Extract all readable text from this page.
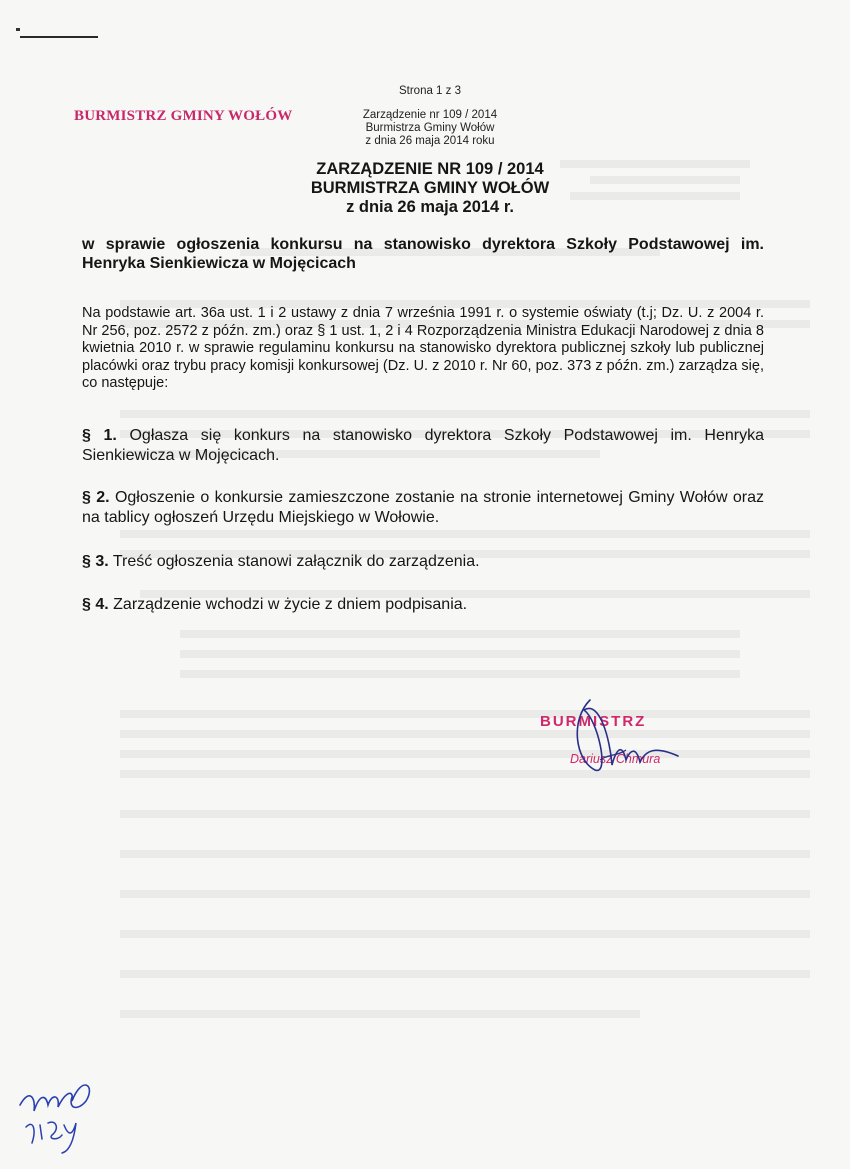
BURMISTRZ GMINY WOŁÓW
Strona 1 z 3
Zarządzenie nr 109 / 2014
Burmistrza Gminy Wołów
z dnia 26 maja 2014 roku
ZARZĄDZENIE NR 109 / 2014
BURMISTRZA GMINY WOŁÓW
z dnia 26 maja 2014 r.
w sprawie ogłoszenia konkursu na stanowisko dyrektora Szkoły Podstawowej im. Henryka Sienkiewicza w Mojęcicach
Na podstawie art. 36a ust. 1 i 2 ustawy z dnia 7 września 1991 r. o systemie oświaty (t.j; Dz. U. z 2004 r. Nr 256, poz. 2572 z późn. zm.) oraz § 1 ust. 1, 2 i 4 Rozporządzenia Ministra Edukacji Narodowej z dnia 8 kwietnia 2010 r. w sprawie regulaminu konkursu na stanowisko dyrektora publicznej szkoły lub publicznej placówki oraz trybu pracy komisji konkursowej (Dz. U. z 2010 r. Nr 60, poz. 373 z późn. zm.) zarządza się, co następuje:
§ 1. Ogłasza się konkurs na stanowisko dyrektora Szkoły Podstawowej im. Henryka Sienkiewicza w Mojęcicach.
§ 2. Ogłoszenie o konkursie zamieszczone zostanie na stronie internetowej Gminy Wołów oraz na tablicy ogłoszeń Urzędu Miejskiego w Wołowie.
§ 3. Treść ogłoszenia stanowi załącznik do zarządzenia.
§ 4. Zarządzenie wchodzi w życie z dniem podpisania.
BURMISTRZ
Dariusz Chmura
